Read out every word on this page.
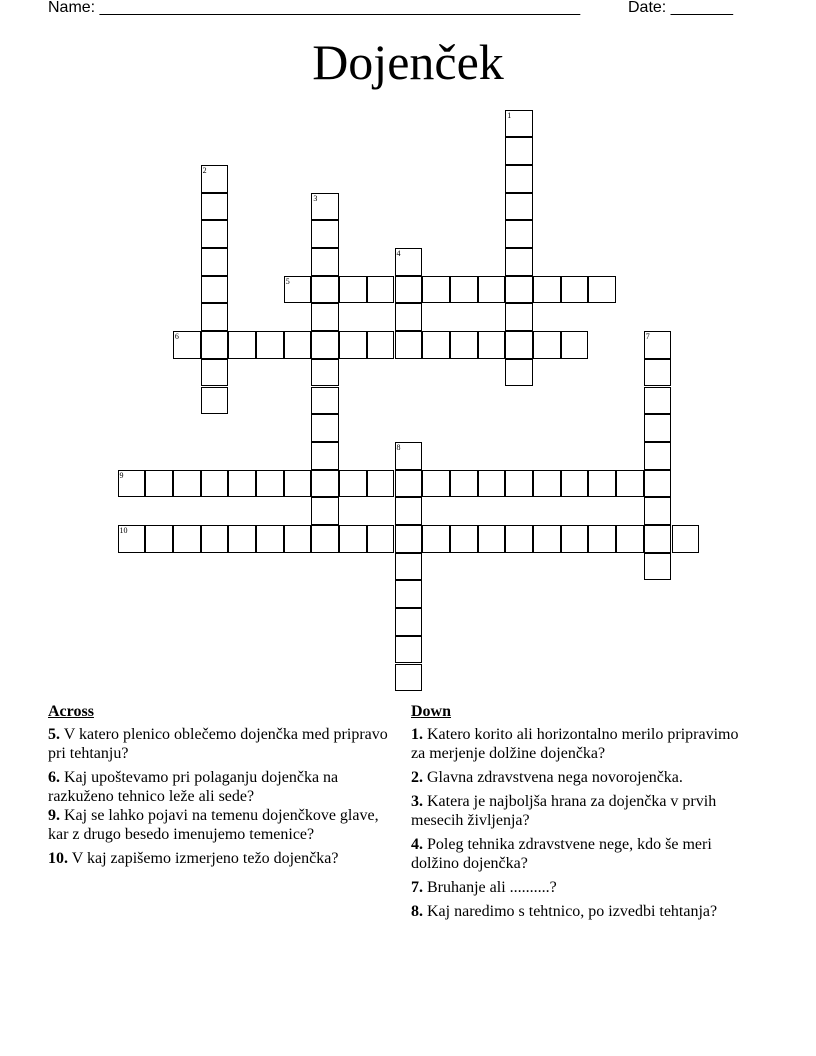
Name: ______________________________________________________	Date: _______
Dojenček
1
2
3
4
5
6	7
8
9
10
Across
5. V katero plenico oblečemo dojenčka med pripravo pri tehtanju?
6. Kaj upoštevamo pri polaganju dojenčka na razkuženo tehnico leže ali sede?
9. Kaj se lahko pojavi na temenu dojenčkove glave, kar z drugo besedo imenujemo temenice?
10. V kaj zapišemo izmerjeno težo dojenčka?
Down
1. Katero korito ali horizontalno merilo pripravimo za merjenje dolžine dojenčka?
2. Glavna zdravstvena nega novorojenčka.
3. Katera je najboljša hrana za dojenčka v prvih mesecih življenja?
4. Poleg tehnika zdravstvene nege, kdo še meri dolžino dojenčka?
7. Bruhanje ali ..........?
8. Kaj naredimo s tehtnico, po izvedbi tehtanja?
